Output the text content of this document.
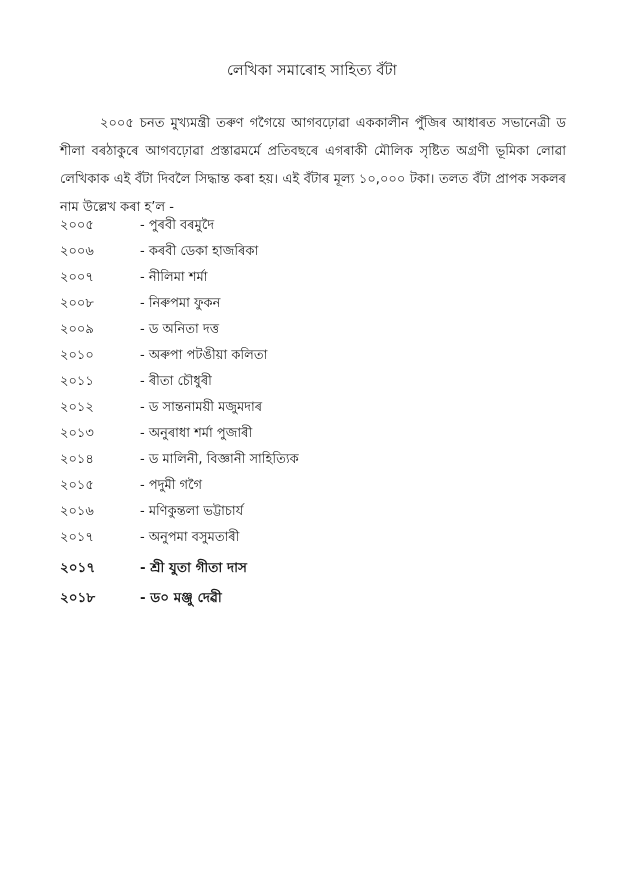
লেখিকা সমাৰোহ সাহিত্য বঁটা

২০০৫ চনত মুখ্যমন্ত্ৰী তৰুণ গগৈয়ে আগবঢ়োৱা এককালীন পুঁজিৰ আধাৰত সভানেত্ৰী ড শীলা বৰঠাকুৰে আগবঢ়োৱা প্ৰস্তাৱমৰ্মে প্ৰতিবছৰে এগৰাকী মৌলিক সৃষ্টিত অগ্ৰণী ভূমিকা লোৱা লেখিকাক এই বঁটা দিবলৈ সিদ্ধান্ত কৰা হয়। এই বঁটাৰ মূল্য ১০,০০০ টকা। তলত বঁটা প্ৰাপক সকলৰ নাম উল্লেখ কৰা হ’ল -

২০০৫	- পুৰবী বৰমুদৈ
২০০৬	- কৰবী ডেকা হাজৰিকা
২০০৭	- নীলিমা শৰ্মা
২০০৮	- নিৰুপমা ফুকন
২০০৯	- ড অনিতা দত্ত
২০১০	- অৰুপা পটঙীয়া কলিতা
২০১১	- ৰীতা চৌধুৰী
২০১২	- ড সান্তনাময়ী মজুমদাৰ
২০১৩	- অনুৰাধা শৰ্মা পুজাৰী
২০১৪	- ড মালিনী, বিজ্ঞানী সাহিত্যিক
২০১৫	- পদুমী গগৈ
২০১৬	- মণিকুন্তলা ভট্টাচাৰ্য
২০১৭	- অনুপমা বসুমতাৰী
২০১৭	- শ্ৰী যুতা গীতা দাস
২০১৮	- ড০ মঞ্জু দেৱী
